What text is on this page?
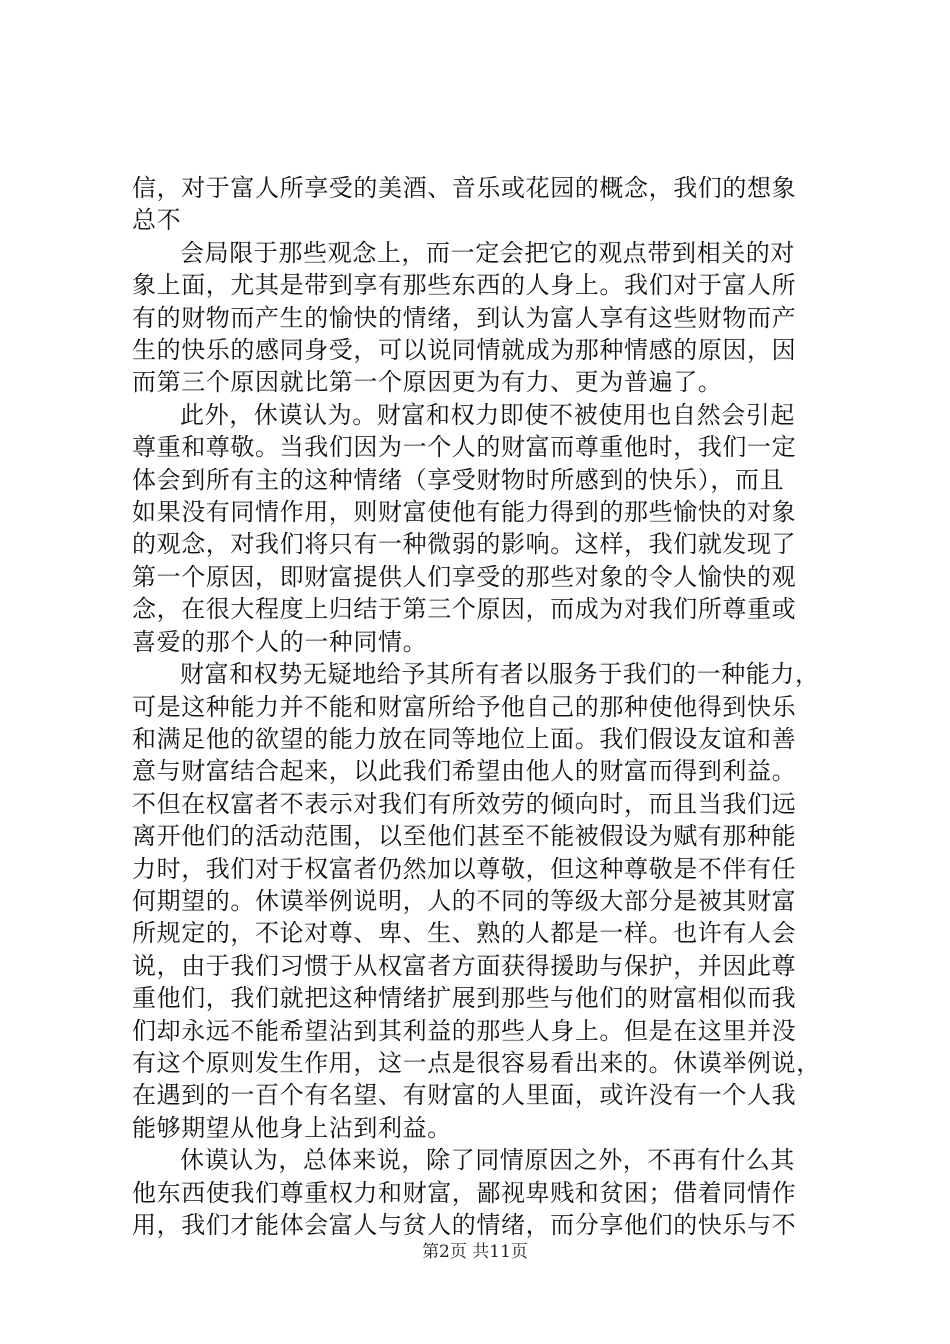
信，对于富人所享受的美酒、音乐或花园的概念，我们的想象
总不
会局限于那些观念上，而一定会把它的观点带到相关的对
象上面，尤其是带到享有那些东西的人身上。我们对于富人所
有的财物而产生的愉快的情绪，到认为富人享有这些财物而产
生的快乐的感同身受，可以说同情就成为那种情感的原因，因
而第三个原因就比第一个原因更为有力、更为普遍了。
此外，休谟认为。财富和权力即使不被使用也自然会引起
尊重和尊敬。当我们因为一个人的财富而尊重他时，我们一定
体会到所有主的这种情绪（享受财物时所感到的快乐），而且
如果没有同情作用，则财富使他有能力得到的那些愉快的对象
的观念，对我们将只有一种微弱的影响。这样，我们就发现了
第一个原因，即财富提供人们享受的那些对象的令人愉快的观
念，在很大程度上归结于第三个原因，而成为对我们所尊重或
喜爱的那个人的一种同情。
财富和权势无疑地给予其所有者以服务于我们的一种能力，
可是这种能力并不能和财富所给予他自己的那种使他得到快乐
和满足他的欲望的能力放在同等地位上面。我们假设友谊和善
意与财富结合起来，以此我们希望由他人的财富而得到利益。
不但在权富者不表示对我们有所效劳的倾向时，而且当我们远
离开他们的活动范围，以至他们甚至不能被假设为赋有那种能
力时，我们对于权富者仍然加以尊敬，但这种尊敬是不伴有任
何期望的。休谟举例说明，人的不同的等级大部分是被其财富
所规定的，不论对尊、卑、生、熟的人都是一样。也许有人会
说，由于我们习惯于从权富者方面获得援助与保护，并因此尊
重他们，我们就把这种情绪扩展到那些与他们的财富相似而我
们却永远不能希望沾到其利益的那些人身上。但是在这里并没
有这个原则发生作用，这一点是很容易看出来的。休谟举例说，
在遇到的一百个有名望、有财富的人里面，或许没有一个人我
能够期望从他身上沾到利益。
休谟认为，总体来说，除了同情原因之外，不再有什么其
他东西使我们尊重权力和财富，鄙视卑贱和贫困；借着同情作
用，我们才能体会富人与贫人的情绪，而分享他们的快乐与不
第2页 共11页
